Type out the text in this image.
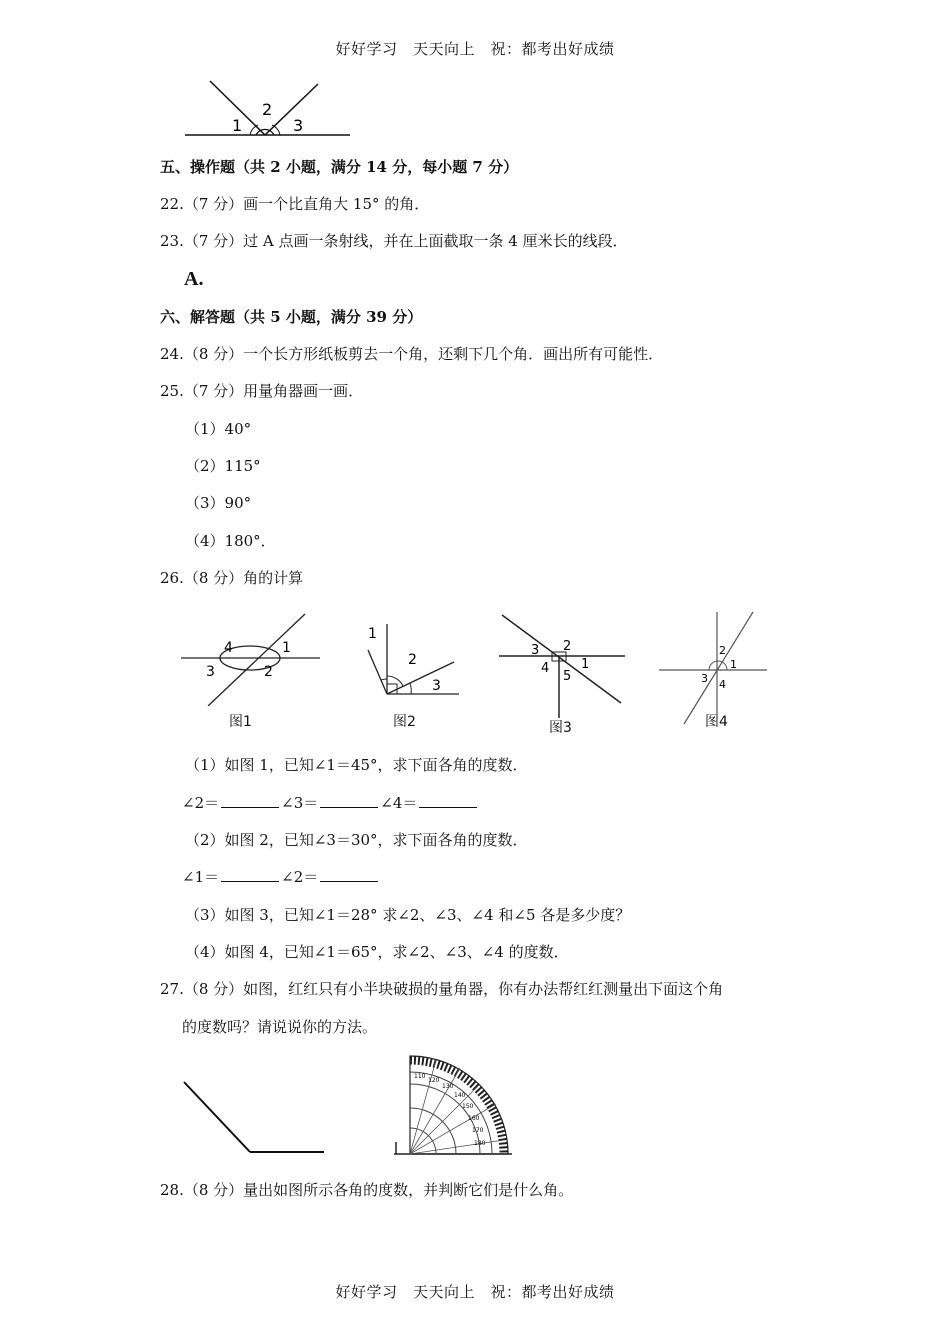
好好学习　天天向上　祝：都考出好成绩
1
2
3
五、操作题（共 2 小题，满分 14 分，每小题 7 分）
22.（7 分）画一个比直角大 15° 的角．
23.（7 分）过 A 点画一条射线，并在上面截取一条 4 厘米长的线段．
A.
六、解答题（共 5 小题，满分 39 分）
24.（8 分）一个长方形纸板剪去一个角，还剩下几个角．画出所有可能性．
25.（7 分）用量角器画一画．
（1）40°
（2）115°
（3）90°
（4）180°．
26.（8 分）角的计算
4	1
3	2
图1
1
2
3
图2
3 2
4 1
5
图3
2
1
3 4
图4
（1）如图 1，已知∠1＝45°，求下面各角的度数．
∠2＝	∠3＝	∠4＝
（2）如图 2，已知∠3＝30°，求下面各角的度数．
∠1＝	∠2＝
（3）如图 3，已知∠1＝28° 求∠2、∠3、∠4 和∠5 各是多少度？
（4）如图 4，已知∠1＝65°，求∠2、∠3、∠4 的度数．
27.（8 分）如图，红红只有小半块破损的量角器，你有办法帮红红测量出下面这个角
的度数吗？请说说你的方法。
110
120
130
140
150
160
170
180
28.（8 分）量出如图所示各角的度数，并判断它们是什么角。
好好学习　天天向上　祝：都考出好成绩
